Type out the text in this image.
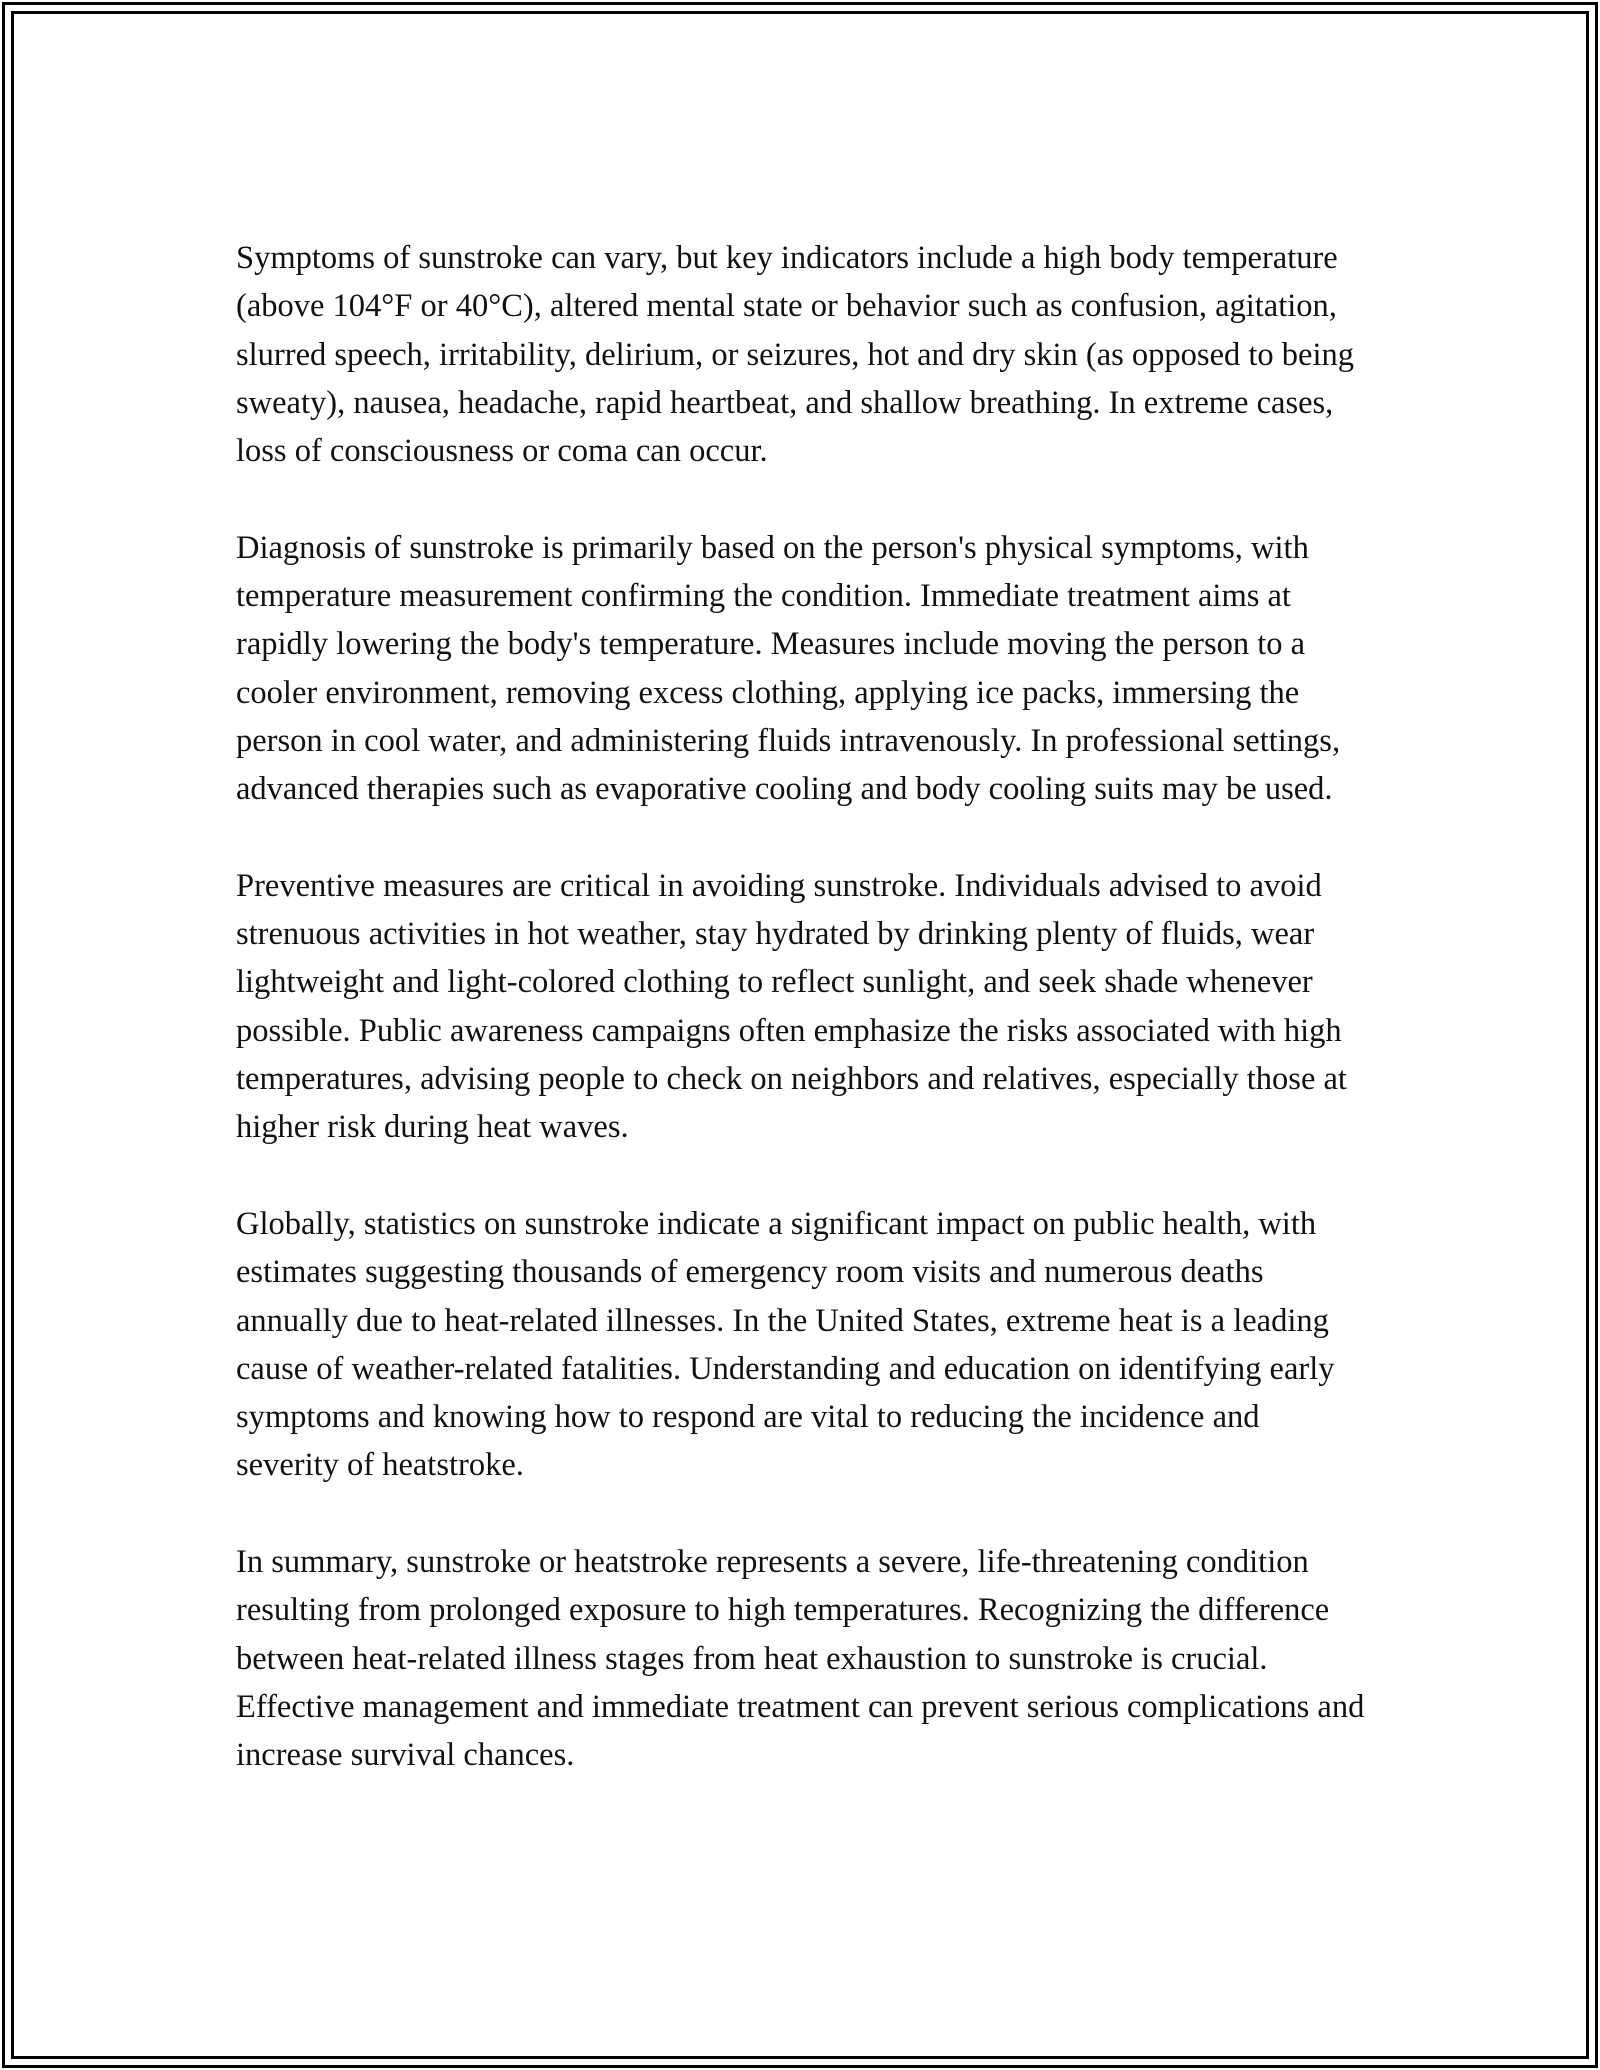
Symptoms of sunstroke can vary, but key indicators include a high body temperature (above 104°F or 40°C), altered mental state or behavior such as confusion, agitation, slurred speech, irritability, delirium, or seizures, hot and dry skin (as opposed to being sweaty), nausea, headache, rapid heartbeat, and shallow breathing. In extreme cases, loss of consciousness or coma can occur.

Diagnosis of sunstroke is primarily based on the person's physical symptoms, with temperature measurement confirming the condition. Immediate treatment aims at rapidly lowering the body's temperature. Measures include moving the person to a cooler environment, removing excess clothing, applying ice packs, immersing the person in cool water, and administering fluids intravenously. In professional settings, advanced therapies such as evaporative cooling and body cooling suits may be used.

Preventive measures are critical in avoiding sunstroke. Individuals advised to avoid strenuous activities in hot weather, stay hydrated by drinking plenty of fluids, wear lightweight and light-colored clothing to reflect sunlight, and seek shade whenever possible. Public awareness campaigns often emphasize the risks associated with high temperatures, advising people to check on neighbors and relatives, especially those at higher risk during heat waves.

Globally, statistics on sunstroke indicate a significant impact on public health, with estimates suggesting thousands of emergency room visits and numerous deaths annually due to heat-related illnesses. In the United States, extreme heat is a leading cause of weather-related fatalities. Understanding and education on identifying early symptoms and knowing how to respond are vital to reducing the incidence and severity of heatstroke.

In summary, sunstroke or heatstroke represents a severe, life-threatening condition resulting from prolonged exposure to high temperatures. Recognizing the difference between heat-related illness stages from heat exhaustion to sunstroke is crucial. Effective management and immediate treatment can prevent serious complications and increase survival chances.
